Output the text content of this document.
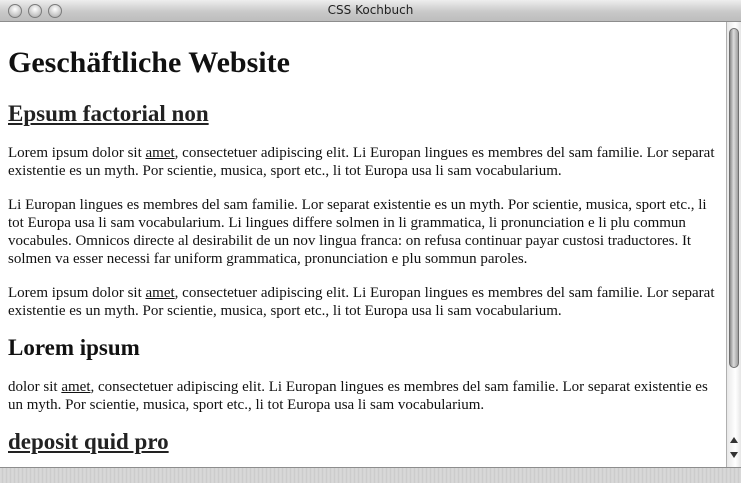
CSS Kochbuch
Geschäftliche Website
Epsum factorial non

Lorem ipsum dolor sit amet, consectetuer adipiscing elit. Li Europan lingues es membres del sam familie. Lor separat existentie es un myth. Por scientie, musica, sport etc., li tot Europa usa li sam vocabularium.

Li Europan lingues es membres del sam familie. Lor separat existentie es un myth. Por scientie, musica, sport etc., li tot Europa usa li sam vocabularium. Li lingues differe solmen in li grammatica, li pronunciation e li plu commun vocabules. Omnicos directe al desirabilit de un nov lingua franca: on refusa continuar payar custosi traductores. It solmen va esser necessi far uniform grammatica, pronunciation e plu sommun paroles.

Lorem ipsum dolor sit amet, consectetuer adipiscing elit. Li Europan lingues es membres del sam familie. Lor separat existentie es un myth. Por scientie, musica, sport etc., li tot Europa usa li sam vocabularium.

Lorem ipsum

dolor sit amet, consectetuer adipiscing elit. Li Europan lingues es membres del sam familie. Lor separat existentie es un myth. Por scientie, musica, sport etc., li tot Europa usa li sam vocabularium.

deposit quid pro
